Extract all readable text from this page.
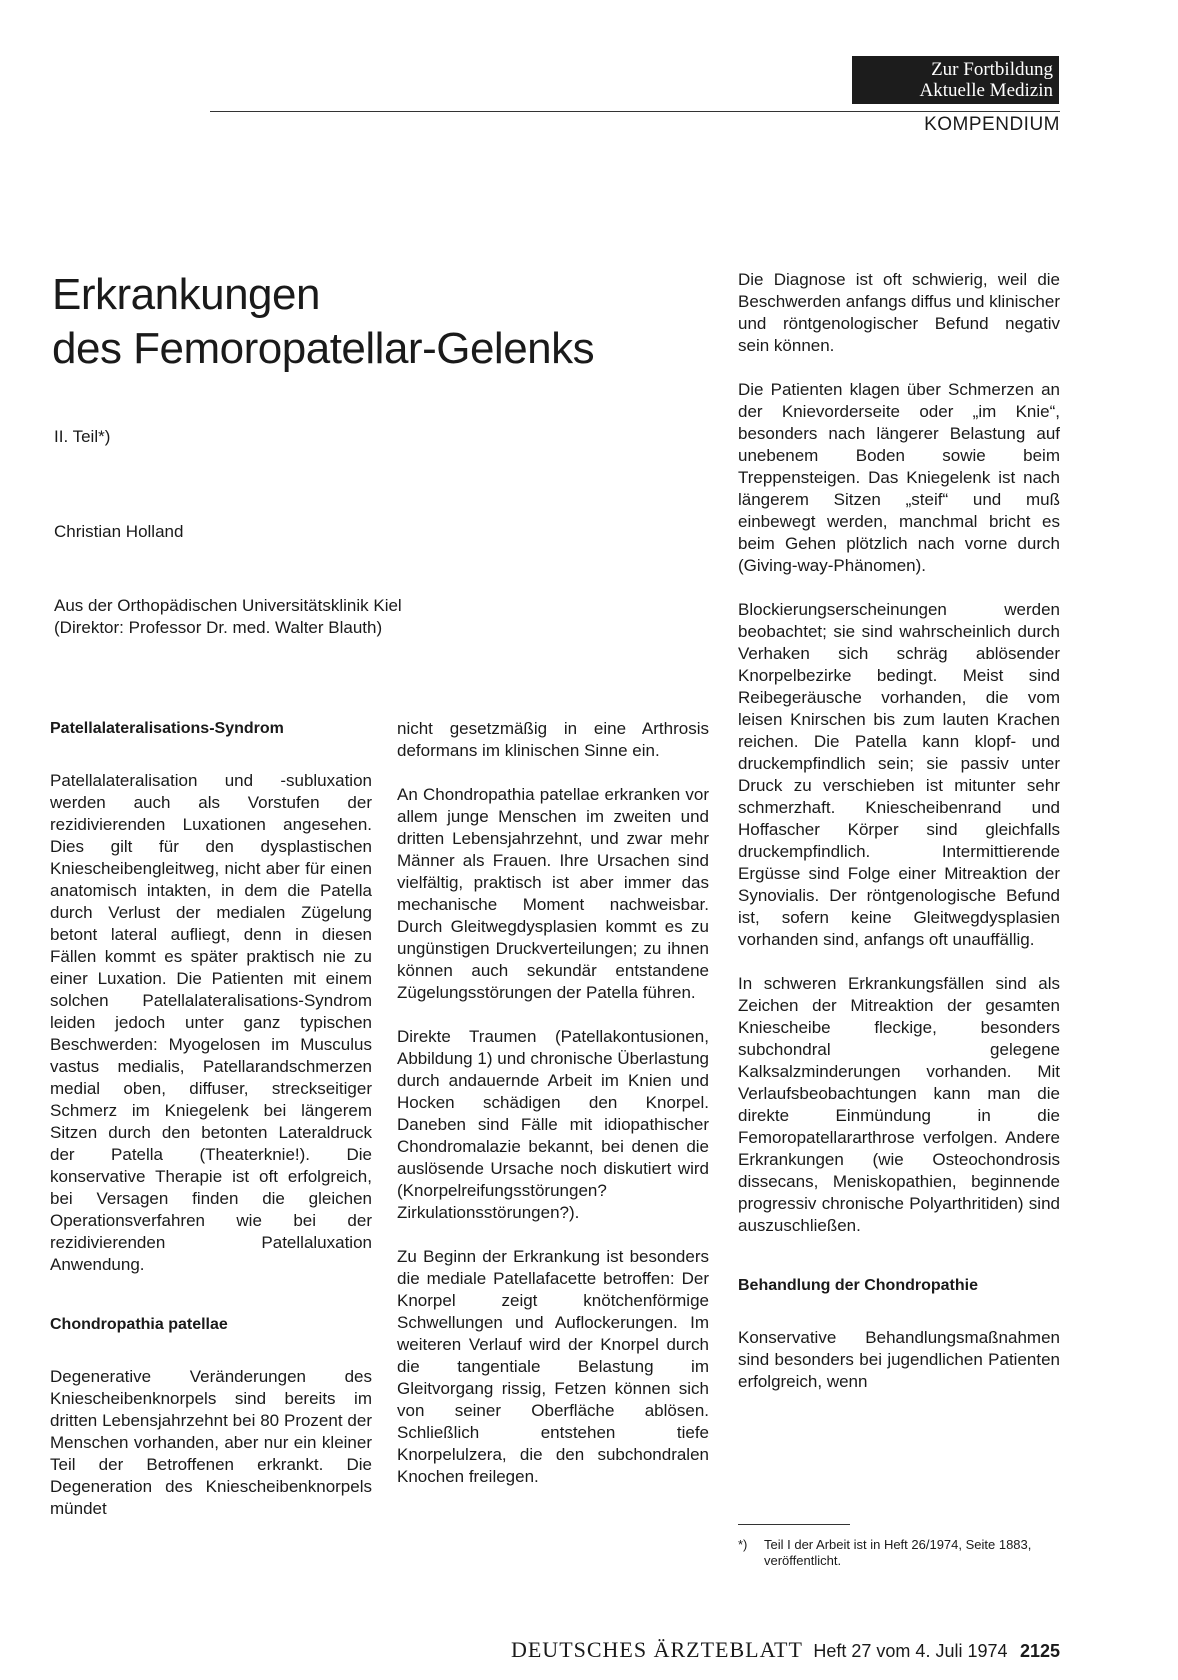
Zur Fortbildung
Aktuelle Medizin
KOMPENDIUM
Erkrankungen
des Femoropatellar-Gelenks
II. Teil*)
Christian Holland
Aus der Orthopädischen Universitätsklinik Kiel
(Direktor: Professor Dr. med. Walter Blauth)
Patellalateralisations-Syndrom

Patellalateralisation und -subluxation werden auch als Vorstufen der rezidivierenden Luxationen angesehen. Dies gilt für den dysplastischen Kniescheibengleitweg, nicht aber für einen anatomisch intakten, in dem die Patella durch Verlust der medialen Zügelung betont lateral aufliegt, denn in diesen Fällen kommt es später praktisch nie zu einer Luxation. Die Patienten mit einem solchen Patellalateralisations-Syndrom leiden jedoch unter ganz typischen Beschwerden: Myogelosen im Musculus vastus medialis, Patellarandschmerzen medial oben, diffuser, streckseitiger Schmerz im Kniegelenk bei längerem Sitzen durch den betonten Lateraldruck der Patella (Theaterknie!). Die konservative Therapie ist oft erfolgreich, bei Versagen finden die gleichen Operationsverfahren wie bei der rezidivierenden Patellaluxation Anwendung.

Chondropathia patellae

Degenerative Veränderungen des Kniescheibenknorpels sind bereits im dritten Lebensjahrzehnt bei 80 Prozent der Menschen vorhanden, aber nur ein kleiner Teil der Betroffenen erkrankt. Die Degeneration des Kniescheibenknorpels mündet

nicht gesetzmäßig in eine Arthrosis deformans im klinischen Sinne ein.

An Chondropathia patellae erkranken vor allem junge Menschen im zweiten und dritten Lebensjahrzehnt, und zwar mehr Männer als Frauen. Ihre Ursachen sind vielfältig, praktisch ist aber immer das mechanische Moment nachweisbar. Durch Gleitwegdysplasien kommt es zu ungünstigen Druckverteilungen; zu ihnen können auch sekundär entstandene Zügelungsstörungen der Patella führen.

Direkte Traumen (Patellakontusionen, Abbildung 1) und chronische Überlastung durch andauernde Arbeit im Knien und Hocken schädigen den Knorpel. Daneben sind Fälle mit idiopathischer Chondromalazie bekannt, bei denen die auslösende Ursache noch diskutiert wird (Knorpelreifungsstörungen? Zirkulationsstörungen?).

Zu Beginn der Erkrankung ist besonders die mediale Patellafacette betroffen: Der Knorpel zeigt knötchenförmige Schwellungen und Auflockerungen. Im weiteren Verlauf wird der Knorpel durch die tangentiale Belastung im Gleitvorgang rissig, Fetzen können sich von seiner Oberfläche ablösen. Schließlich entstehen tiefe Knorpelulzera, die den subchondralen Knochen freilegen.

Die Diagnose ist oft schwierig, weil die Beschwerden anfangs diffus und klinischer und röntgenologischer Befund negativ sein können.

Die Patienten klagen über Schmerzen an der Knievorderseite oder „im Knie“, besonders nach längerer Belastung auf unebenem Boden sowie beim Treppensteigen. Das Kniegelenk ist nach längerem Sitzen „steif“ und muß einbewegt werden, manchmal bricht es beim Gehen plötzlich nach vorne durch (Giving-way-Phänomen).

Blockierungserscheinungen werden beobachtet; sie sind wahrscheinlich durch Verhaken sich schräg ablösender Knorpelbezirke bedingt. Meist sind Reibegeräusche vorhanden, die vom leisen Knirschen bis zum lauten Krachen reichen. Die Patella kann klopf- und druckempfindlich sein; sie passiv unter Druck zu verschieben ist mitunter sehr schmerzhaft. Kniescheibenrand und Hoffascher Körper sind gleichfalls druckempfindlich. Intermittierende Ergüsse sind Folge einer Mitreaktion der Synovialis. Der röntgenologische Befund ist, sofern keine Gleitwegdysplasien vorhanden sind, anfangs oft unauffällig.

In schweren Erkrankungsfällen sind als Zeichen der Mitreaktion der gesamten Kniescheibe fleckige, besonders subchondral gelegene Kalksalzminderungen vorhanden. Mit Verlaufsbeobachtungen kann man die direkte Einmündung in die Femoropatellararthrose verfolgen. Andere Erkrankungen (wie Osteochondrosis dissecans, Meniskopathien, beginnende progressiv chronische Polyarthritiden) sind auszuschließen.

Behandlung der Chondropathie

Konservative Behandlungsmaßnahmen sind besonders bei jugendlichen Patienten erfolgreich, wenn

*)	Teil I der Arbeit ist in Heft 26/1974, Seite 1883, veröffentlicht.
DEUTSCHES ÄRZTEBLATT Heft 27 vom 4. Juli 1974 2125
